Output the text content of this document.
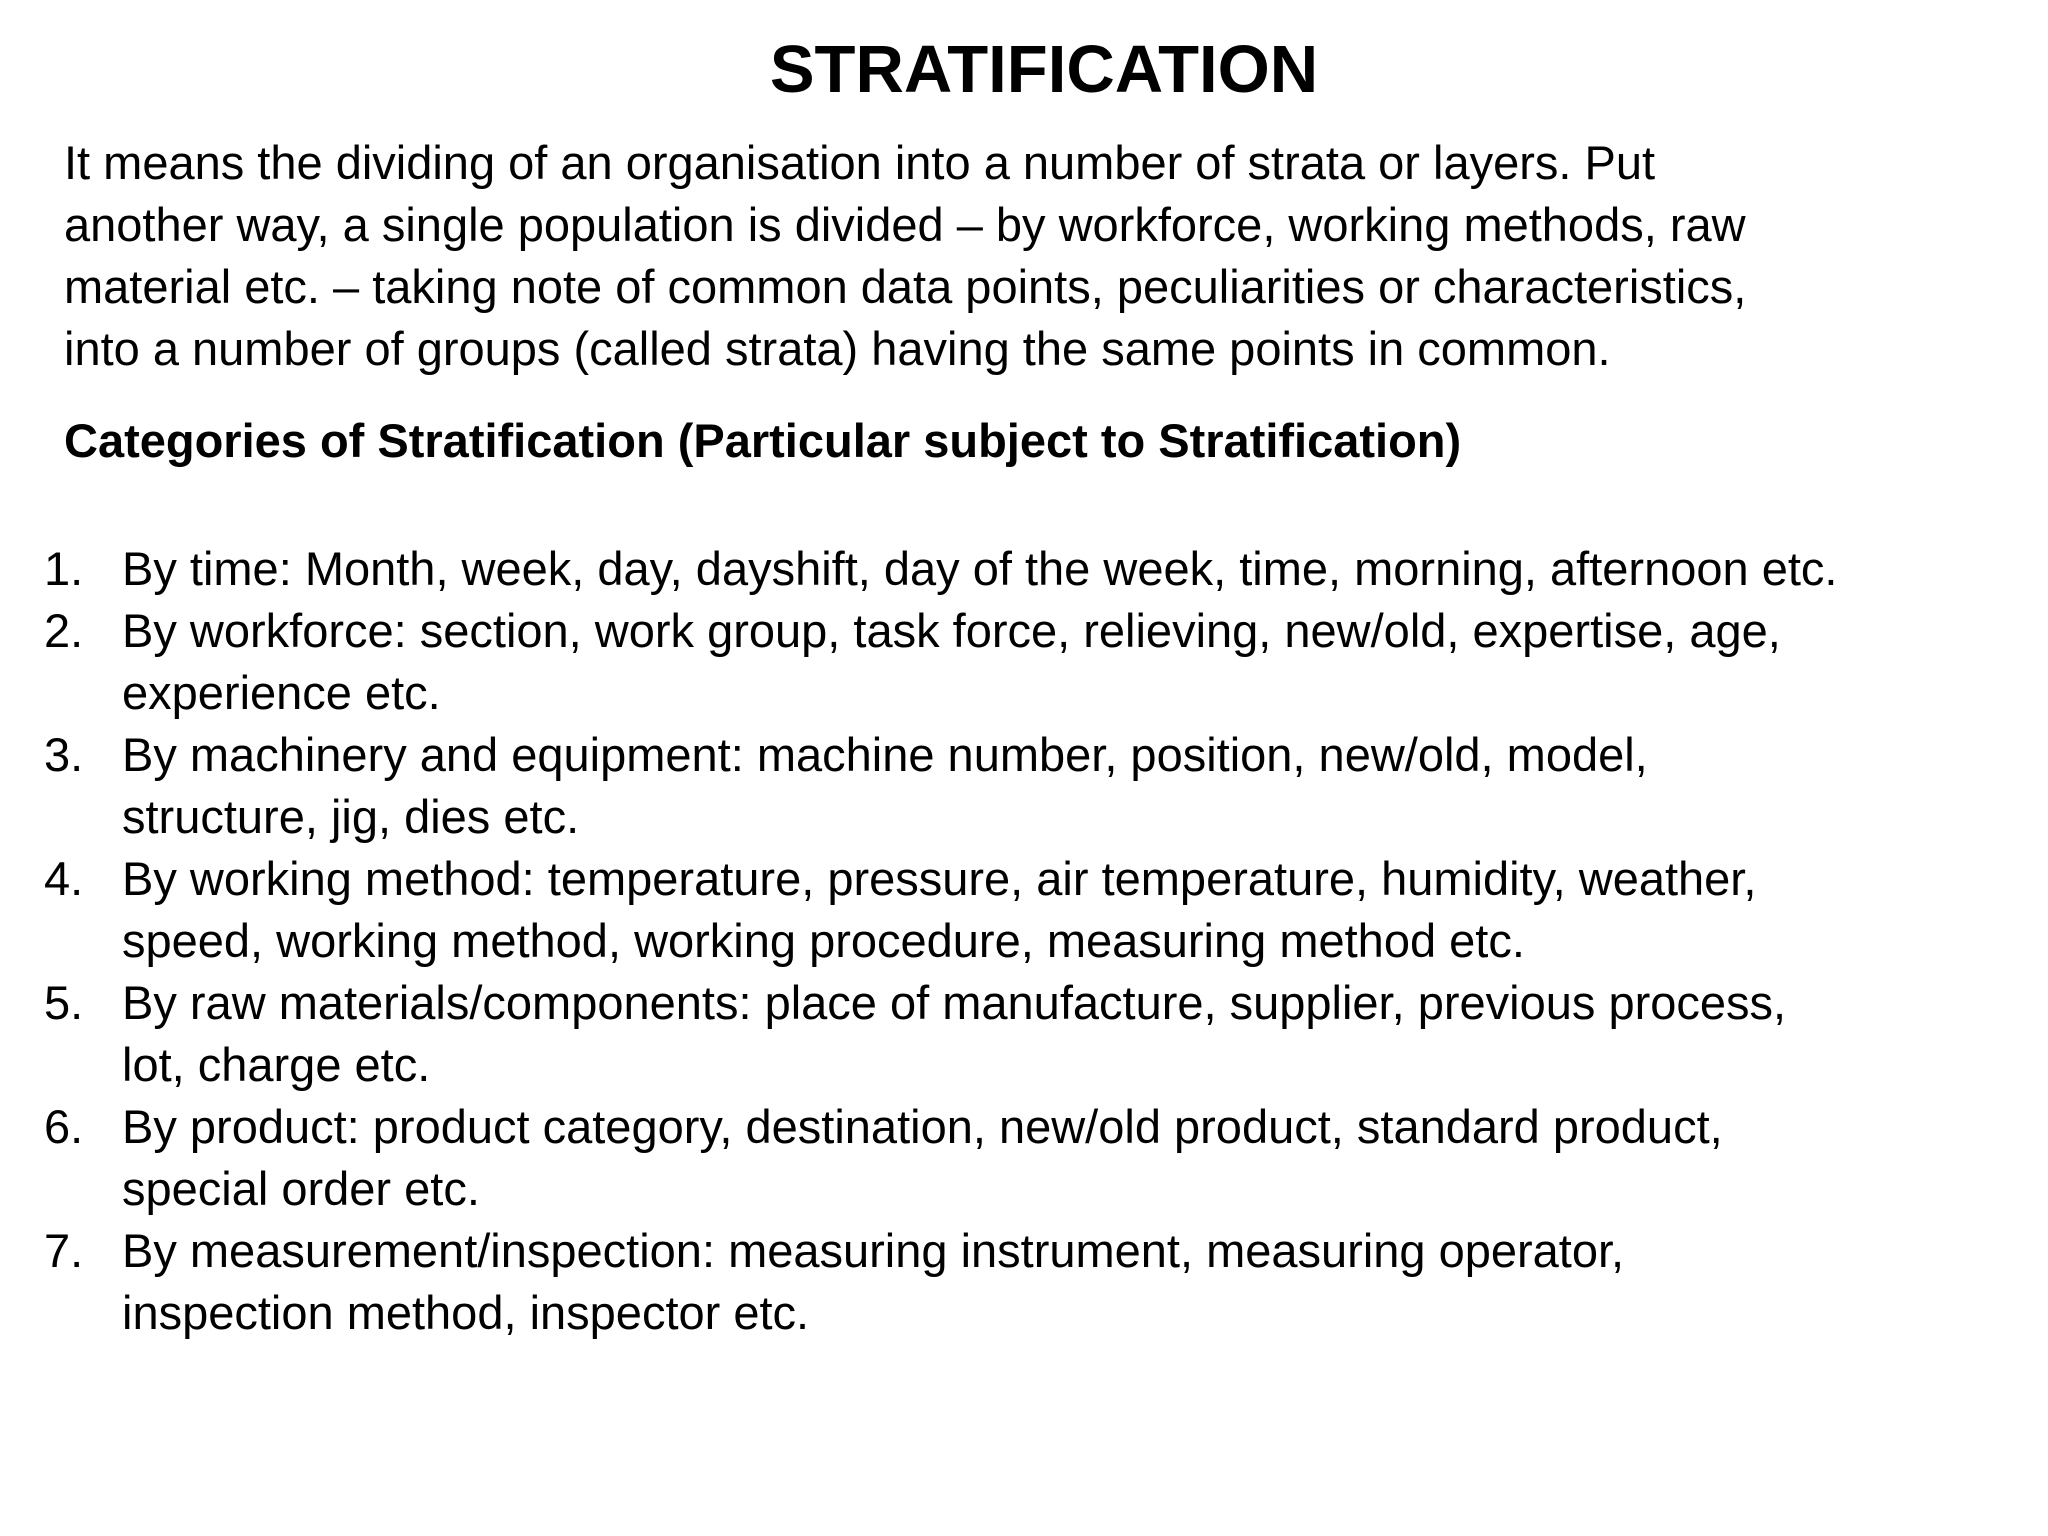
STRATIFICATION
It means the dividing of an organisation into a number of strata or layers. Put
another way, a single population is divided – by workforce, working methods, raw
material etc. – taking note of common data points, peculiarities or characteristics,
into a number of groups (called strata) having the same points in common.
Categories of Stratification (Particular subject to Stratification)
1. By time: Month, week, day, dayshift, day of the week, time, morning, afternoon etc.
2. By workforce: section, work group, task force, relieving, new/old, expertise, age,
experience etc.
3. By machinery and equipment: machine number, position, new/old, model,
structure, jig, dies etc.
4. By working method: temperature, pressure, air temperature, humidity, weather,
speed, working method, working procedure, measuring method etc.
5. By raw materials/components: place of manufacture, supplier, previous process,
lot, charge etc.
6. By product: product category, destination, new/old product, standard product,
special order etc.
7. By measurement/inspection: measuring instrument, measuring operator,
inspection method, inspector etc.
